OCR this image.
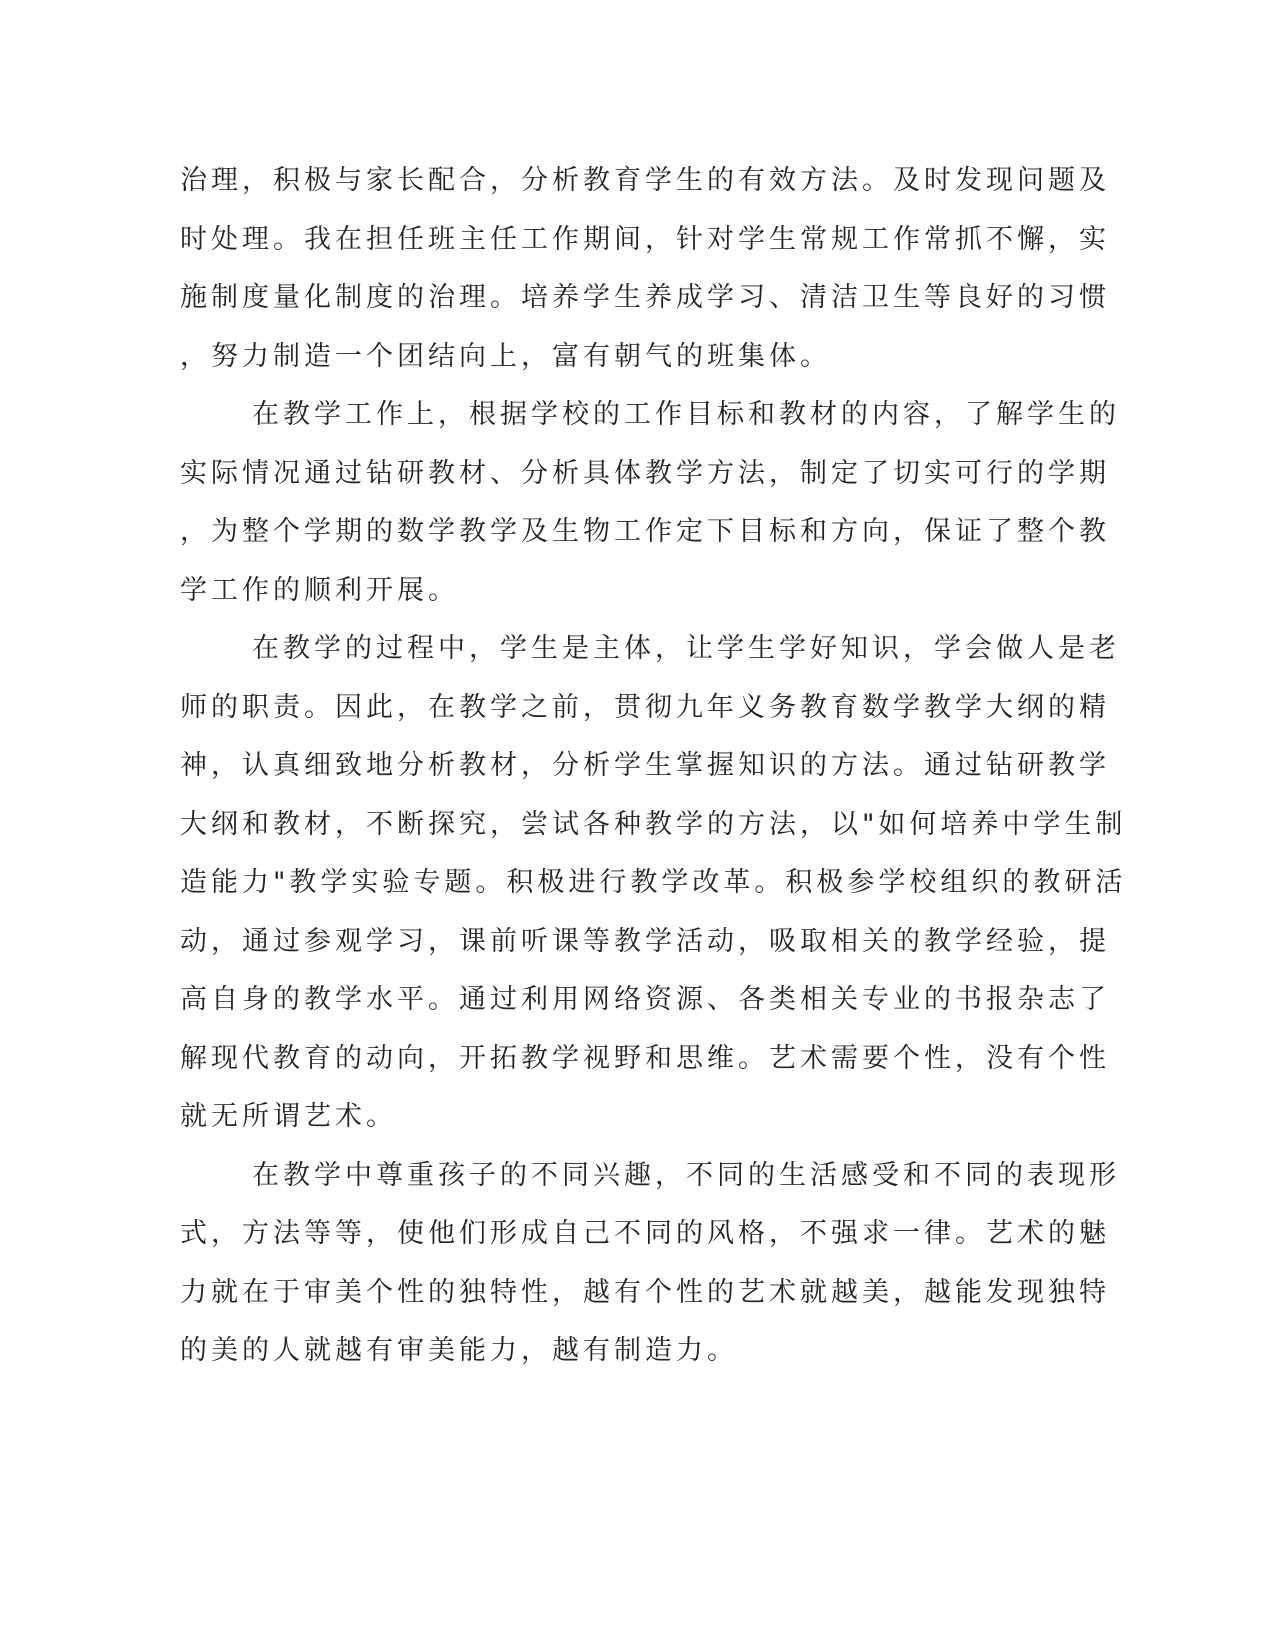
治理，积极与家长配合，分析教育学生的有效方法。及时发现问题及
时处理。我在担任班主任工作期间，针对学生常规工作常抓不懈，实
施制度量化制度的治理。培养学生养成学习、清洁卫生等良好的习惯
，努力制造一个团结向上，富有朝气的班集体。
在教学工作上，根据学校的工作目标和教材的内容，了解学生的
实际情况通过钻研教材、分析具体教学方法，制定了切实可行的学期
，为整个学期的数学教学及生物工作定下目标和方向，保证了整个教
学工作的顺利开展。
在教学的过程中，学生是主体，让学生学好知识，学会做人是老
师的职责。因此，在教学之前，贯彻九年义务教育数学教学大纲的精
神，认真细致地分析教材，分析学生掌握知识的方法。通过钻研教学
大纲和教材，不断探究，尝试各种教学的方法，以"如何培养中学生制
造能力"教学实验专题。积极进行教学改革。积极参学校组织的教研活
动，通过参观学习，课前听课等教学活动，吸取相关的教学经验，提
高自身的教学水平。通过利用网络资源、各类相关专业的书报杂志了
解现代教育的动向，开拓教学视野和思维。艺术需要个性，没有个性
就无所谓艺术。
在教学中尊重孩子的不同兴趣，不同的生活感受和不同的表现形
式，方法等等，使他们形成自己不同的风格，不强求一律。艺术的魅
力就在于审美个性的独特性，越有个性的艺术就越美，越能发现独特
的美的人就越有审美能力，越有制造力。
